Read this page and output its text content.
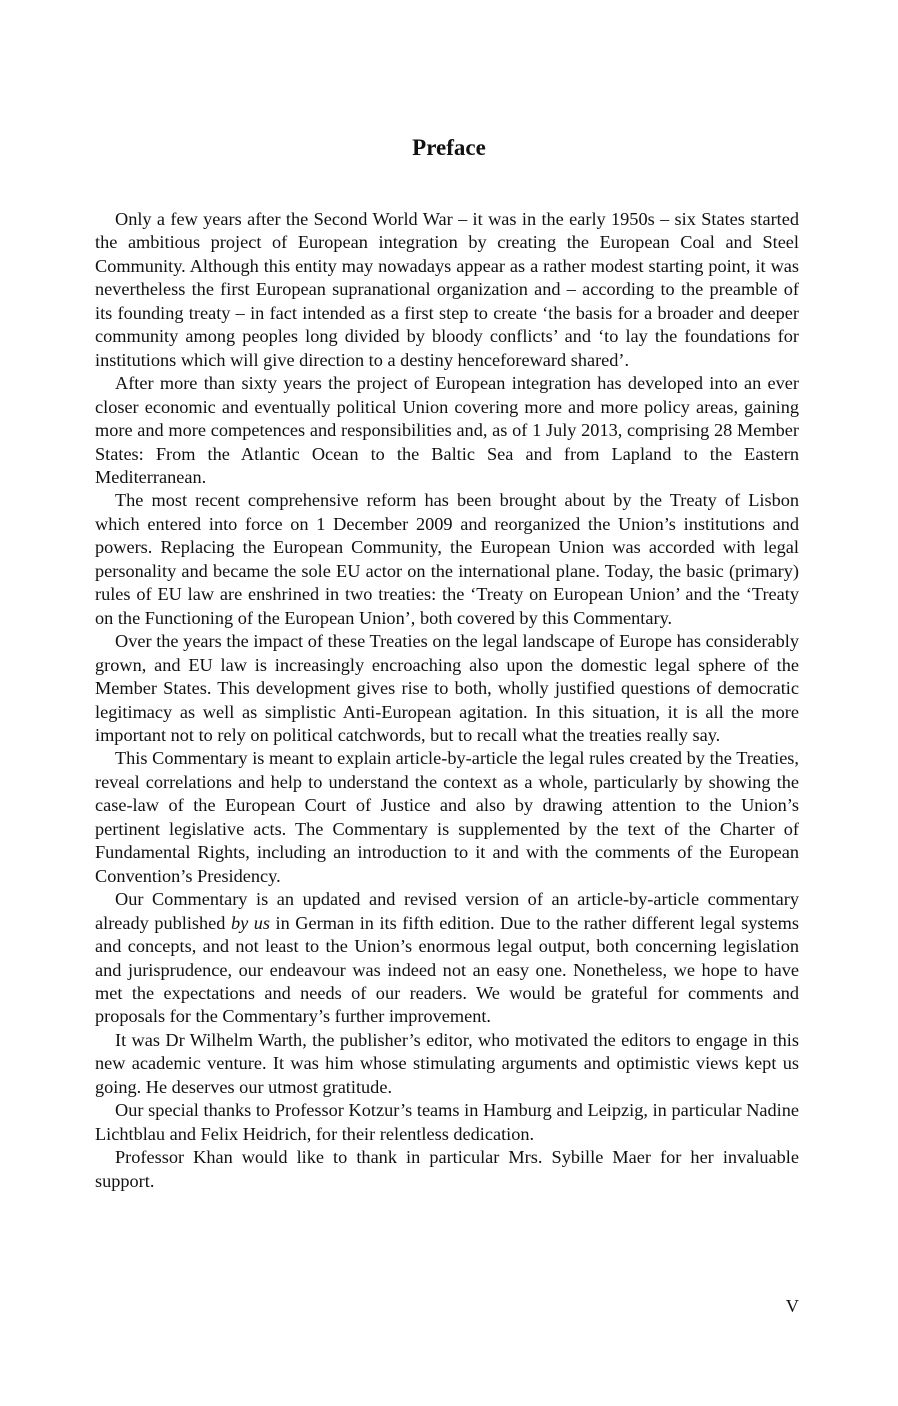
Preface

Only a few years after the Second World War – it was in the early 1950s – six States started the ambitious project of European integration by creating the European Coal and Steel Community. Although this entity may nowadays appear as a rather modest starting point, it was nevertheless the first European supranational organization and – according to the preamble of its founding treaty – in fact intended as a first step to create ‘the basis for a broader and deeper community among peoples long divided by bloody conflicts’ and ‘to lay the foundations for institutions which will give direction to a destiny henceforeward shared’.

After more than sixty years the project of European integration has developed into an ever closer economic and eventually political Union covering more and more policy areas, gaining more and more competences and responsibilities and, as of 1 July 2013, comprising 28 Member States: From the Atlantic Ocean to the Baltic Sea and from Lapland to the Eastern Mediterranean.

The most recent comprehensive reform has been brought about by the Treaty of Lisbon which entered into force on 1 December 2009 and reorganized the Union’s institutions and powers. Replacing the European Community, the European Union was accorded with legal personality and became the sole EU actor on the international plane. Today, the basic (primary) rules of EU law are enshrined in two treaties: the ‘Treaty on European Union’ and the ‘Treaty on the Functioning of the European Union’, both covered by this Commentary.

Over the years the impact of these Treaties on the legal landscape of Europe has considerably grown, and EU law is increasingly encroaching also upon the domestic legal sphere of the Member States. This development gives rise to both, wholly justified questions of democratic legitimacy as well as simplistic Anti-European agitation. In this situation, it is all the more important not to rely on political catchwords, but to recall what the treaties really say.

This Commentary is meant to explain article-by-article the legal rules created by the Treaties, reveal correlations and help to understand the context as a whole, particularly by showing the case-law of the European Court of Justice and also by drawing attention to the Union’s pertinent legislative acts. The Commentary is supplemented by the text of the Charter of Fundamental Rights, including an introduction to it and with the comments of the European Convention’s Presidency.

Our Commentary is an updated and revised version of an article-by-article commentary already published by us in German in its fifth edition. Due to the rather different legal systems and concepts, and not least to the Union’s enormous legal output, both concerning legislation and jurisprudence, our endeavour was indeed not an easy one. Nonetheless, we hope to have met the expectations and needs of our readers. We would be grateful for comments and proposals for the Commentary’s further improvement.

It was Dr Wilhelm Warth, the publisher’s editor, who motivated the editors to engage in this new academic venture. It was him whose stimulating arguments and optimistic views kept us going. He deserves our utmost gratitude.

Our special thanks to Professor Kotzur’s teams in Hamburg and Leipzig, in particular Nadine Lichtblau and Felix Heidrich, for their relentless dedication.

Professor Khan would like to thank in particular Mrs. Sybille Maer for her invaluable support.

V
